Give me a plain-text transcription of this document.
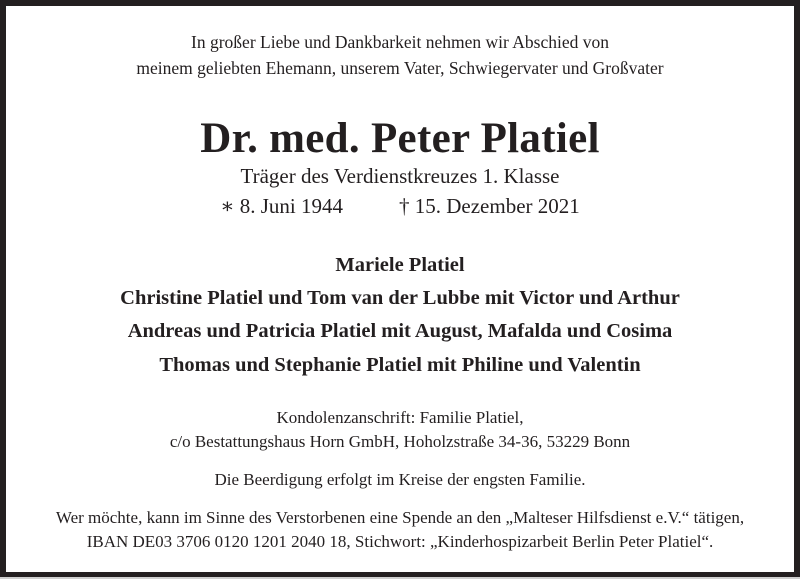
In großer Liebe und Dankbarkeit nehmen wir Abschied von
meinem geliebten Ehemann, unserem Vater, Schwiegervater und Großvater
Dr. med. Peter Platiel
Träger des Verdienstkreuzes 1. Klasse
∗ 8. Juni 1944	† 15. Dezember 2021
Mariele Platiel
Christine Platiel und Tom van der Lubbe mit Victor und Arthur
Andreas und Patricia Platiel mit August, Mafalda und Cosima
Thomas und Stephanie Platiel mit Philine und Valentin
Kondolenzanschrift: Familie Platiel,
c/o Bestattungshaus Horn GmbH, Hoholzstraße 34-36, 53229 Bonn
Die Beerdigung erfolgt im Kreise der engsten Familie.
Wer möchte, kann im Sinne des Verstorbenen eine Spende an den „Malteser Hilfsdienst e.V.“ tätigen,
IBAN DE03 3706 0120 1201 2040 18, Stichwort: „Kinderhospizarbeit Berlin Peter Platiel“.
